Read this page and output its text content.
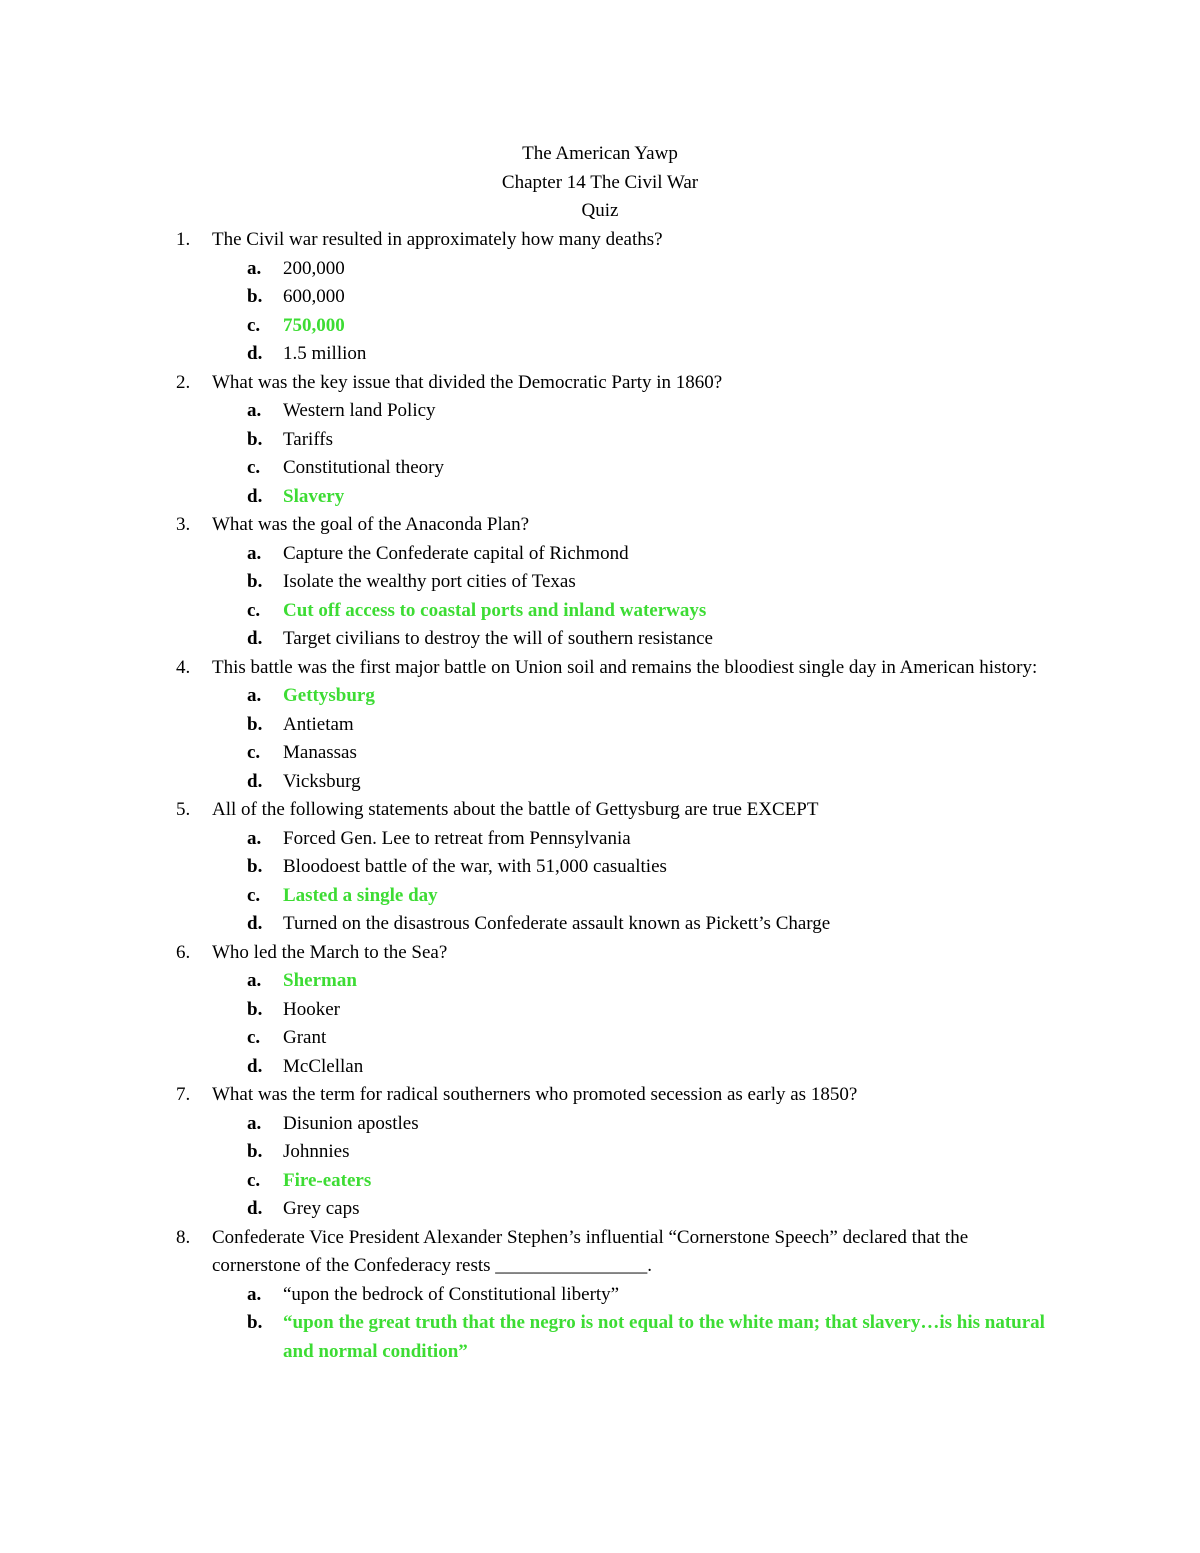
The American Yawp
Chapter 14 The Civil War
Quiz
1.	The Civil war resulted in approximately how many deaths?
a.	200,000
b.	600,000
c.	750,000
d.	1.5 million
2.	What was the key issue that divided the Democratic Party in 1860?
a.	Western land Policy
b.	Tariffs
c.	Constitutional theory
d.	Slavery
3.	What was the goal of the Anaconda Plan?
a.	Capture the Confederate capital of Richmond
b.	Isolate the wealthy port cities of Texas
c.	Cut off access to coastal ports and inland waterways
d.	Target civilians to destroy the will of southern resistance
4.	This battle was the first major battle on Union soil and remains the bloodiest single day in American history:
a.	Gettysburg
b.	Antietam
c.	Manassas
d.	Vicksburg
5.	All of the following statements about the battle of Gettysburg are true EXCEPT
a.	Forced Gen. Lee to retreat from Pennsylvania
b.	Bloodoest battle of the war, with 51,000 casualties
c.	Lasted a single day
d.	Turned on the disastrous Confederate assault known as Pickett’s Charge
6.	Who led the March to the Sea?
a.	Sherman
b.	Hooker
c.	Grant
d.	McClellan
7.	What was the term for radical southerners who promoted secession as early as 1850?
a.	Disunion apostles
b.	Johnnies
c.	Fire-eaters
d.	Grey caps
8.	Confederate Vice President Alexander Stephen’s influential “Cornerstone Speech” declared that the cornerstone of the Confederacy rests ________________.
a.	“upon the bedrock of Constitutional liberty”
b.	“upon the great truth that the negro is not equal to the white man; that slavery…is his natural and normal condition”
